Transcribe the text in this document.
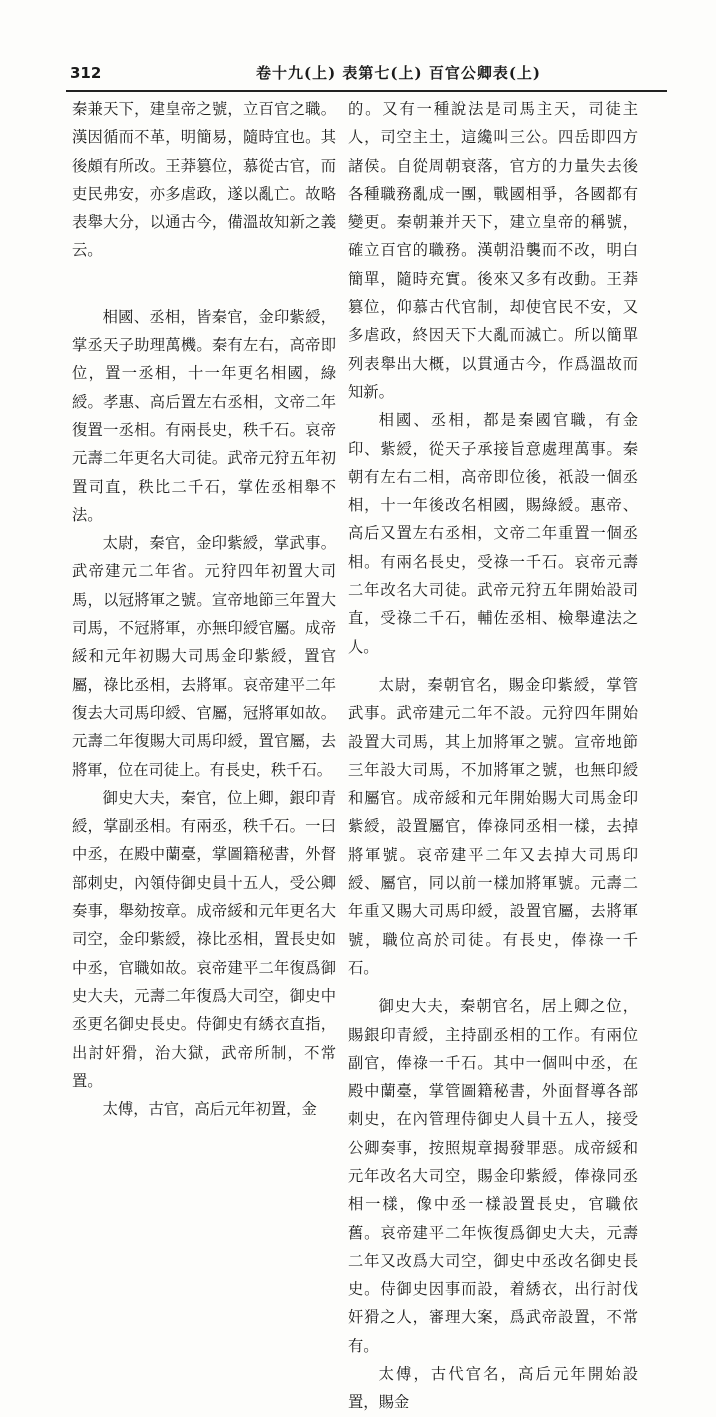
312	卷十九(上) 表第七(上) 百官公卿表(上)

秦兼天下，建皇帝之號，立百官之職。漢因循而不革，明簡易，隨時宜也。其後頗有所改。王莽篡位，慕從古官，而吏民弗安，亦多虐政，遂以亂亡。故略表舉大分，以通古今，備溫故知新之義云。

相國、丞相，皆秦官，金印紫綬，掌丞天子助理萬機。秦有左右，高帝即位，置一丞相，十一年更名相國，綠綬。孝惠、高后置左右丞相，文帝二年復置一丞相。有兩長史，秩千石。哀帝元壽二年更名大司徒。武帝元狩五年初置司直，秩比二千石，掌佐丞相舉不法。

太尉，秦官，金印紫綬，掌武事。武帝建元二年省。元狩四年初置大司馬，以冠將軍之號。宣帝地節三年置大司馬，不冠將軍，亦無印綬官屬。成帝綏和元年初賜大司馬金印紫綬，置官屬，祿比丞相，去將軍。哀帝建平二年復去大司馬印綬、官屬，冠將軍如故。元壽二年復賜大司馬印綬，置官屬，去將軍，位在司徒上。有長史，秩千石。

御史大夫，秦官，位上卿，銀印青綬，掌副丞相。有兩丞，秩千石。一曰中丞，在殿中蘭臺，掌圖籍秘書，外督部刺史，內領侍御史員十五人，受公卿奏事，舉劾按章。成帝綏和元年更名大司空，金印紫綬，祿比丞相，置長史如中丞，官職如故。哀帝建平二年復爲御史大夫，元壽二年復爲大司空，御史中丞更名御史長史。侍御史有綉衣直指，出討奸猾，治大獄，武帝所制，不常置。

太傅，古官，高后元年初置，金

的。又有一種說法是司馬主天，司徒主人，司空主土，這纔叫三公。四岳即四方諸侯。自從周朝衰落，官方的力量失去後各種職務亂成一團，戰國相爭，各國都有變更。秦朝兼并天下，建立皇帝的稱號，確立百官的職務。漢朝沿襲而不改，明白簡單，隨時充實。後來又多有改動。王莽篡位，仰慕古代官制，却使官民不安，又多虐政，終因天下大亂而滅亡。所以簡單列表舉出大概，以貫通古今，作爲溫故而知新。

相國、丞相，都是秦國官職，有金印、紫綬，從天子承接旨意處理萬事。秦朝有左右二相，高帝即位後，祇設一個丞相，十一年後改名相國，賜綠綬。惠帝、高后又置左右丞相，文帝二年重置一個丞相。有兩名長史，受祿一千石。哀帝元壽二年改名大司徒。武帝元狩五年開始設司直，受祿二千石，輔佐丞相、檢舉違法之人。

太尉，秦朝官名，賜金印紫綬，掌管武事。武帝建元二年不設。元狩四年開始設置大司馬，其上加將軍之號。宣帝地節三年設大司馬，不加將軍之號，也無印綬和屬官。成帝綏和元年開始賜大司馬金印紫綬，設置屬官，俸祿同丞相一樣，去掉將軍號。哀帝建平二年又去掉大司馬印綬、屬官，同以前一樣加將軍號。元壽二年重又賜大司馬印綬，設置官屬，去將軍號，職位高於司徒。有長史，俸祿一千石。

御史大夫，秦朝官名，居上卿之位，賜銀印青綬，主持副丞相的工作。有兩位副官，俸祿一千石。其中一個叫中丞，在殿中蘭臺，掌管圖籍秘書，外面督導各部刺史，在內管理侍御史人員十五人，接受公卿奏事，按照規章揭發罪惡。成帝綏和元年改名大司空，賜金印紫綬，俸祿同丞相一樣，像中丞一樣設置長史，官職依舊。哀帝建平二年恢復爲御史大夫，元壽二年又改爲大司空，御史中丞改名御史長史。侍御史因事而設，着綉衣，出行討伐奸猾之人，審理大案，爲武帝設置，不常有。

太傅，古代官名，高后元年開始設置，賜金
